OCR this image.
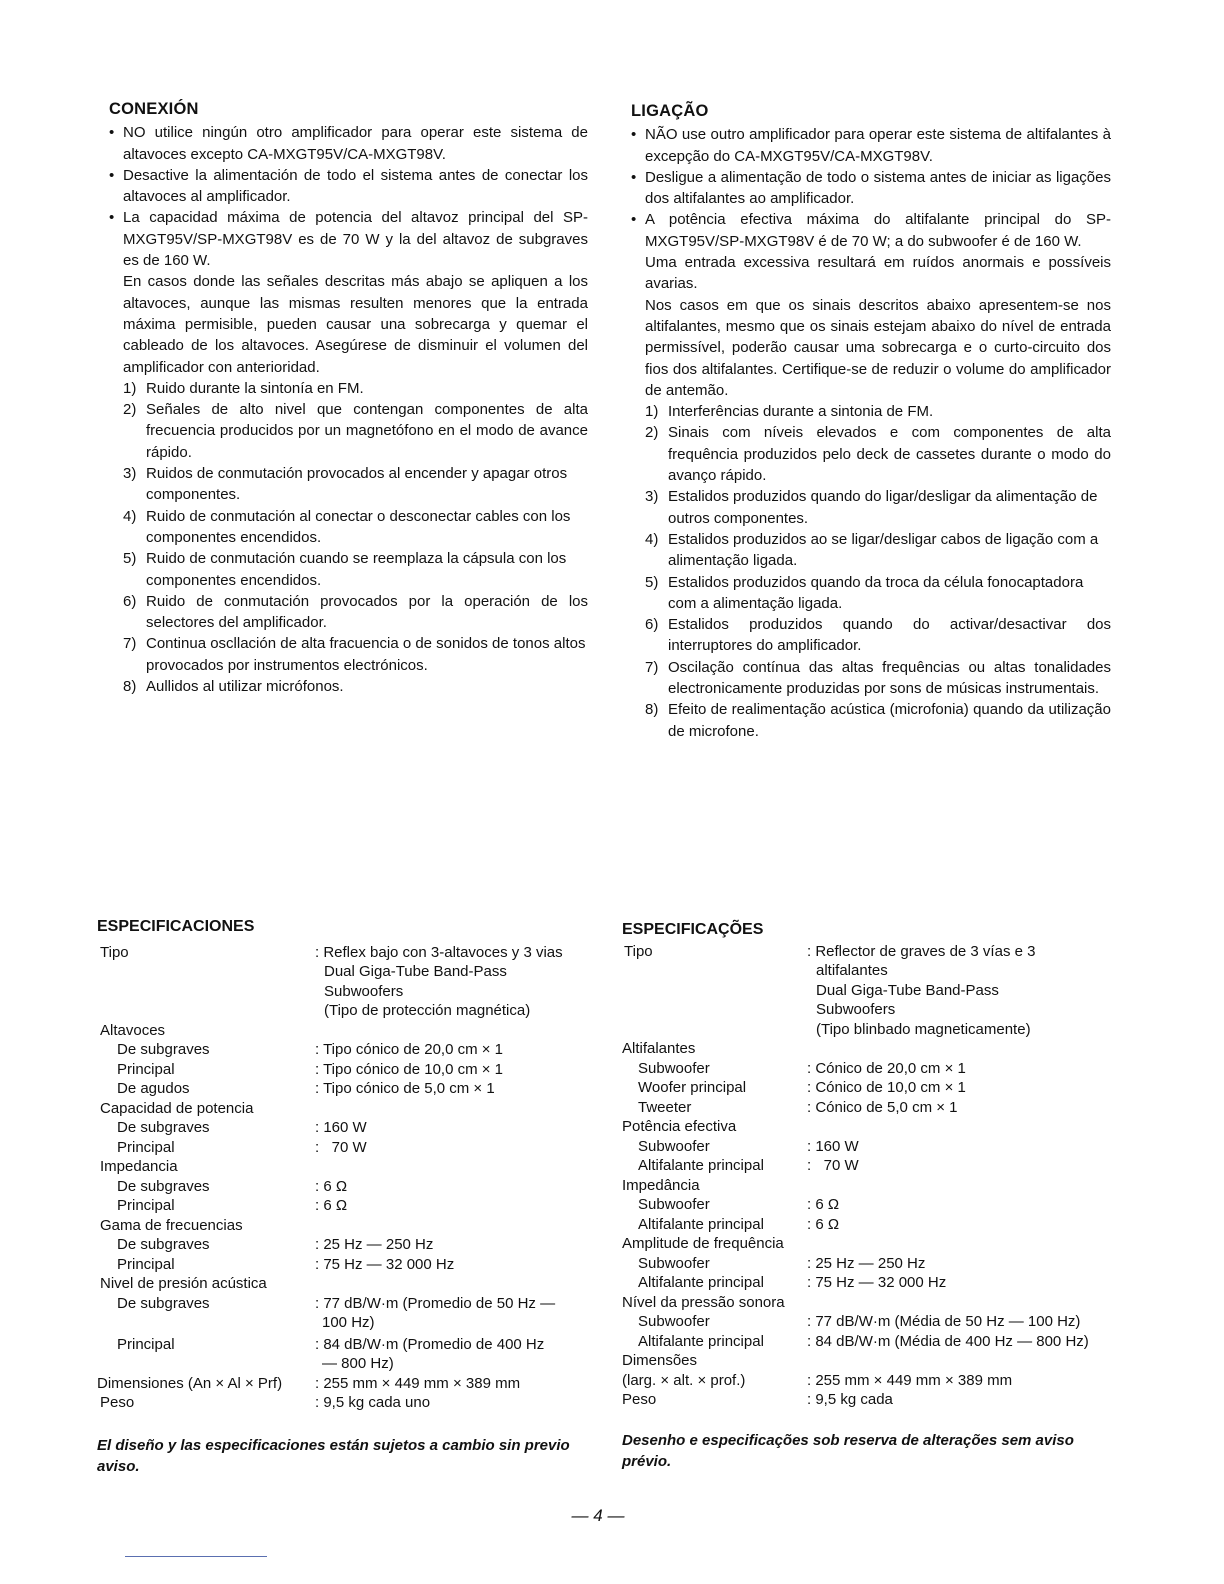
CONEXIÓN
• NO utilice ningún otro amplificador para operar este sistema de altavoces excepto CA-MXGT95V/CA-MXGT98V.
• Desactive la alimentación de todo el sistema antes de conectar los altavoces al amplificador.
• La capacidad máxima de potencia del altavoz principal del SP-MXGT95V/SP-MXGT98V es de 70 W y la del altavoz de subgraves es de 160 W.
En casos donde las señales descritas más abajo se apliquen a los altavoces, aunque las mismas resulten menores que la entrada máxima permisible, pueden causar una sobrecarga y quemar el cableado de los altavoces. Asegúrese de disminuir el volumen del amplificador con anterioridad.
1) Ruido durante la sintonía en FM.
2) Señales de alto nivel que contengan componentes de alta frecuencia producidos por un magnetófono en el modo de avance rápido.
3) Ruidos de conmutación provocados al encender y apagar otros componentes.
4) Ruido de conmutación al conectar o desconectar cables con los componentes encendidos.
5) Ruido de conmutación cuando se reemplaza la cápsula con los componentes encendidos.
6) Ruido de conmutación provocados por la operación de los selectores del amplificador.
7) Continua oscllación de alta fracuencia o de sonidos de tonos altos provocados por instrumentos electrónicos.
8) Aullidos al utilizar micrófonos.
LIGAÇÃO
• NÃO use outro amplificador para operar este sistema de altifalantes à excepção do CA-MXGT95V/CA-MXGT98V.
• Desligue a alimentação de todo o sistema antes de iniciar as ligações dos altifalantes ao amplificador.
• A potência efectiva máxima do altifalante principal do SP-MXGT95V/SP-MXGT98V é de 70 W; a do subwoofer é de 160 W.
Uma entrada excessiva resultará em ruídos anormais e possíveis avarias.
Nos casos em que os sinais descritos abaixo apresentem-se nos altifalantes, mesmo que os sinais estejam abaixo do nível de entrada permissível, poderão causar uma sobrecarga e o curto-circuito dos fios dos altifalantes. Certifique-se de reduzir o volume do amplificador de antemão.
1) Interferências durante a sintonia de FM.
2) Sinais com níveis elevados e com componentes de alta frequência produzidos pelo deck de cassetes durante o modo do avanço rápido.
3) Estalidos produzidos quando do ligar/desligar da alimentação de outros componentes.
4) Estalidos produzidos ao se ligar/desligar cabos de ligação com a alimentação ligada.
5) Estalidos produzidos quando da troca da célula fonocaptadora com a alimentação ligada.
6) Estalidos produzidos quando do activar/desactivar dos interruptores do amplificador.
7) Oscilação contínua das altas frequências ou altas tonalidades electronicamente produzidas por sons de músicas instrumentais.
8) Efeito de realimentação acústica (microfonia) quando da utilização de microfone.
ESPECIFICACIONES
Tipo	: Reflex bajo con 3-altavoces y 3 vias
Dual Giga-Tube Band-Pass
Subwoofers
(Tipo de protección magnética)
Altavoces
De subgraves	: Tipo cónico de 20,0 cm × 1
Principal	: Tipo cónico de 10,0 cm × 1
De agudos	: Tipo cónico de 5,0 cm × 1
Capacidad de potencia
De subgraves	: 160 W
Principal	:   70 W
Impedancia
De subgraves	: 6 Ω
Principal	: 6 Ω
Gama de frecuencias
De subgraves	: 25 Hz — 250 Hz
Principal	: 75 Hz — 32 000 Hz
Nivel de presión acústica
De subgraves	: 77 dB/W·m (Promedio de 50 Hz —
100 Hz)
Principal	: 84 dB/W·m (Promedio de 400 Hz
— 800 Hz)
Dimensiones (An × Al × Prf)	: 255 mm × 449 mm × 389 mm
Peso	: 9,5 kg cada uno
El diseño y las especificaciones están sujetos a cambio sin previo aviso.
ESPECIFICAÇÕES
Tipo	: Reflector de graves de 3 vías e 3
altifalantes
Dual Giga-Tube Band-Pass
Subwoofers
(Tipo blinbado magneticamente)
Altifalantes
Subwoofer	: Cónico de 20,0 cm × 1
Woofer principal	: Cónico de 10,0 cm × 1
Tweeter	: Cónico de 5,0 cm × 1
Potência efectiva
Subwoofer	: 160 W
Altifalante principal	:   70 W
Impedância
Subwoofer	: 6 Ω
Altifalante principal	: 6 Ω
Amplitude de frequência
Subwoofer	: 25 Hz — 250 Hz
Altifalante principal	: 75 Hz — 32 000 Hz
Nível da pressão sonora
Subwoofer	: 77 dB/W·m (Média de 50 Hz — 100 Hz)
Altifalante principal	: 84 dB/W·m (Média de 400 Hz — 800 Hz)
Dimensões
(larg. × alt. × prof.)	: 255 mm × 449 mm × 389 mm
Peso	: 9,5 kg cada
Desenho e especificações sob reserva de alterações sem aviso prévio.
— 4 —
